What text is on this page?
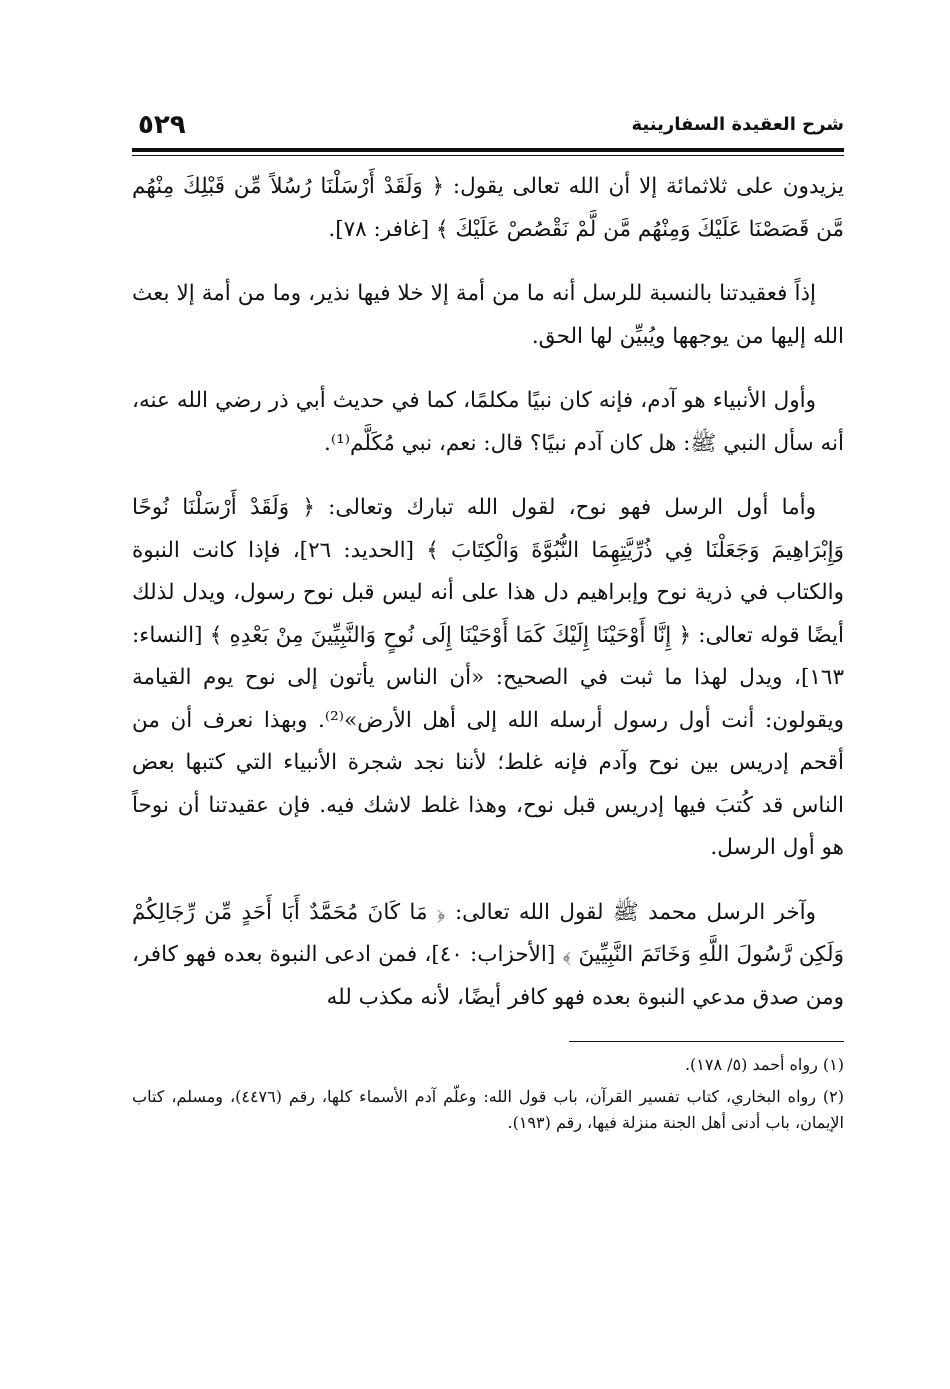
شرح العقيدة السفارينية
٥٢٩

يزيدون على ثلاثمائة إلا أن الله تعالى يقول: ﴿ وَلَقَدْ أَرْسَلْنَا رُسُلاً مِّن قَبْلِكَ مِنْهُم مَّن قَصَصْنَا عَلَيْكَ وَمِنْهُم مَّن لَّمْ نَقْصُصْ عَلَيْكَ ﴾ [غافر: ٧٨].

إذاً فعقيدتنا بالنسبة للرسل أنه ما من أمة إلا خلا فيها نذير، وما من أمة إلا بعث الله إليها من يوجهها ويُبيِّن لها الحق.

وأول الأنبياء هو آدم، فإنه كان نبيًا مكلمًا، كما في حديث أبي ذر رضي الله عنه، أنه سأل النبي ﷺ: هل كان آدم نبيًا؟ قال: نعم، نبي مُكَلَّم⁽¹⁾.

وأما أول الرسل فهو نوح، لقول الله تبارك وتعالى: ﴿ وَلَقَدْ أَرْسَلْنَا نُوحًا وَإِبْرَاهِيمَ وَجَعَلْنَا فِي ذُرِّيَّتِهِمَا النُّبُوَّةَ وَالْكِتَابَ ﴾ [الحديد: ٢٦]، فإذا كانت النبوة والكتاب في ذرية نوح وإبراهيم دل هذا على أنه ليس قبل نوح رسول، ويدل لذلك أيضًا قوله تعالى: ﴿ إِنَّا أَوْحَيْنَا إِلَيْكَ كَمَا أَوْحَيْنَا إِلَى نُوحٍ وَالنَّبِيِّينَ مِنْ بَعْدِهِ ﴾ [النساء: ١٦٣]، ويدل لهذا ما ثبت في الصحيح: «أن الناس يأتون إلى نوح يوم القيامة ويقولون: أنت أول رسول أرسله الله إلى أهل الأرض»⁽²⁾. وبهذا نعرف أن من أقحم إدريس بين نوح وآدم فإنه غلط؛ لأننا نجد شجرة الأنبياء التي كتبها بعض الناس قد كُتبَ فيها إدريس قبل نوح، وهذا غلط لاشك فيه. فإن عقيدتنا أن نوحاً هو أول الرسل.

وآخر الرسل محمد ﷺ لقول الله تعالى: ﴿ مَا كَانَ مُحَمَّدٌ أَبَا أَحَدٍ مِّن رِّجَالِكُمْ وَلَكِن رَّسُولَ اللَّهِ وَخَاتَمَ النَّبِيِّينَ ﴾ [الأحزاب: ٤٠]، فمن ادعى النبوة بعده فهو كافر، ومن صدق مدعي النبوة بعده فهو كافر أيضًا، لأنه مكذب لله

(١) رواه أحمد (٥/ ١٧٨).

(٢) رواه البخاري، كتاب تفسير القرآن، باب قول الله: وعلّم آدم الأسماء كلها، رقم (٤٤٧٦)، ومسلم، كتاب الإيمان، باب أدنى أهل الجنة منزلة فيها، رقم (١٩٣).
